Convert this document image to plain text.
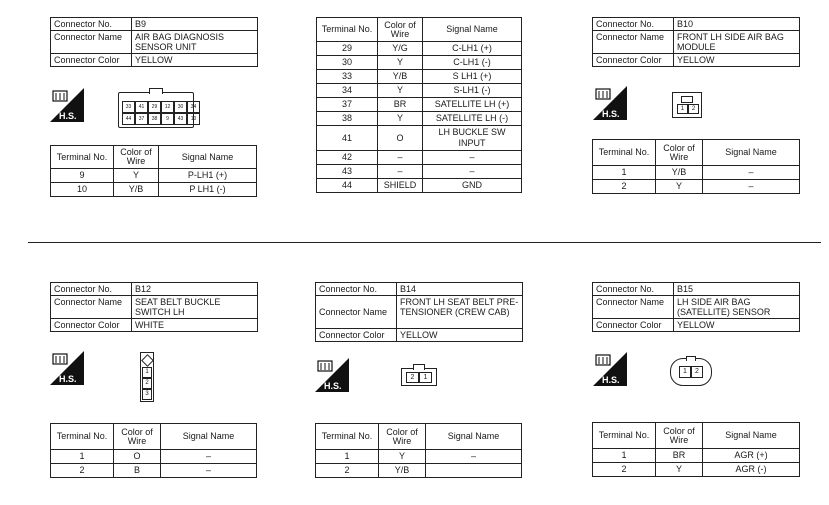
Connector No.	B9
Connector Name	AIR BAG DIAGNOSIS SENSOR UNIT
Connector Color	YELLOW
H.S.
33	41	29	12	30	34
44	37	38	9	43	10
Terminal No.	Color of Wire	Signal Name
9	Y	P-LH1 (+)
10	Y/B	P LH1 (-)
Terminal No.	Color of Wire	Signal Name
29	Y/G	C-LH1 (+)
30	Y	C-LH1 (-)
33	Y/B	S LH1 (+)
34	Y	S-LH1 (-)
37	BR	SATELLITE LH (+)
38	Y	SATELLITE LH (-)
41	O	LH BUCKLE SW INPUT
42	–	–
43	–	–
44	SHIELD	GND
Connector No.	B10
Connector Name	FRONT LH SIDE AIR BAG MODULE
Connector Color	YELLOW
H.S.	1	2
Terminal No.	Color of Wire	Signal Name
1	Y/B	–
2	Y	–
Connector No.	B12
Connector Name	SEAT BELT BUCKLE SWITCH LH
Connector Color	WHITE
H.S.
1
2
3
Terminal No.	Color of Wire	Signal Name
1	O	–
2	B	–
Connector No.	B14
Connector Name	FRONT LH SEAT BELT PRE-TENSIONER (CREW CAB)
Connector Color	YELLOW
H.S.
2	1
Terminal No.	Color of Wire	Signal Name
1	Y	–
2	Y/B	
Connector No.	B15
Connector Name	LH SIDE AIR BAG (SATELLITE) SENSOR
Connector Color	YELLOW
H.S.
1	2
Terminal No.	Color of Wire	Signal Name
1	BR	AGR (+)
2	Y	AGR (-)
